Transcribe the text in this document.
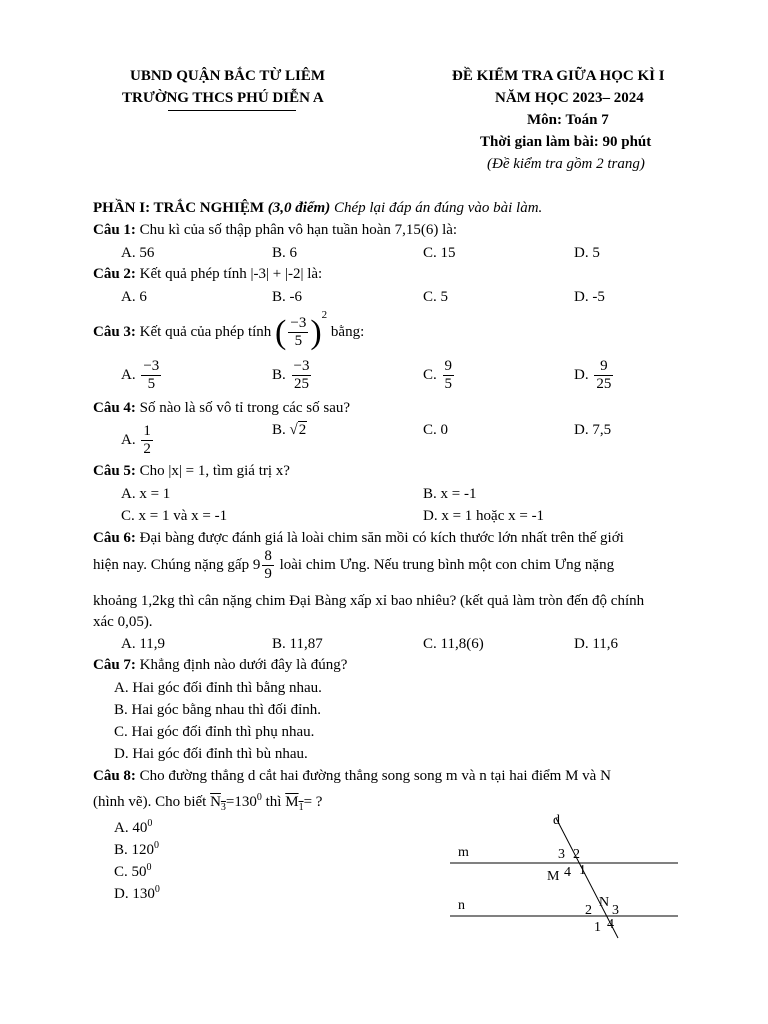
UBND QUẬN BẮC TỪ LIÊM
TRƯỜNG THCS PHÚ DIỄN A
ĐỀ KIỂM TRA GIỮA HỌC KÌ I
NĂM HỌC 2023– 2024
Môn: Toán 7
Thời gian làm bài: 90 phút
(Đề kiểm tra gồm 2 trang)
PHẦN I: TRẮC NGHIỆM (3,0 điểm) Chép lại đáp án đúng vào bài làm.
Câu 1: Chu kì của số thập phân vô hạn tuần hoàn 7,15(6) là:
A. 56	B. 6	C. 15	D. 5
Câu 2: Kết quả phép tính |-3| + |-2| là:
A. 6	B. -6	C. 5	D. -5
Câu 3: Kết quả của phép tính ( $\frac{-3}{5} )^2$ bằng:
A. $\frac{-3}{5}$	B. $\frac{-3}{25}$	C. $\frac{9}{5}$	D. $\frac{9}{25}$
Câu 4: Số nào là số vô tỉ trong các số sau?
A. $\frac{1}{2}$	B. √2	C. 0	D. 7,5
Câu 5: Cho |x| = 1, tìm giá trị x?
A. x = 1	B. x = -1
C. x = 1 và x = -1	D. x = 1 hoặc x = -1
Câu 6: Đại bàng được đánh giá là loài chim săn mồi có kích thước lớn nhất trên thế giới
hiện nay. Chúng nặng gấp $9 \frac{8}{9}$ loài chim Ưng. Nếu trung bình một con chim Ưng nặng
khoảng 1,2kg thì cân nặng chim Đại Bàng xấp xỉ bao nhiêu? (kết quả làm tròn đến độ chính
xác 0,05).
A. 11,9	B. 11,87	C. 11,8(6)	D. 11,6
Câu 7: Khẳng định nào dưới đây là đúng?
A. Hai góc đối đỉnh thì bằng nhau.
B. Hai góc bằng nhau thì đối đỉnh.
C. Hai góc đối đỉnh thì phụ nhau.
D. Hai góc đối đỉnh thì bù nhau.
Câu 8: Cho đường thẳng d cắt hai đường thẳng song song m và n tại hai điểm M và N
(hình vẽ). Cho biết $N_3=130^0$ thì $M_1=$ ?
A. $40^0$
B. $120^0$
C. $50^0$
D. $130^0$
d
m
n
M
N
3 2
4 1
2 3
1 4
